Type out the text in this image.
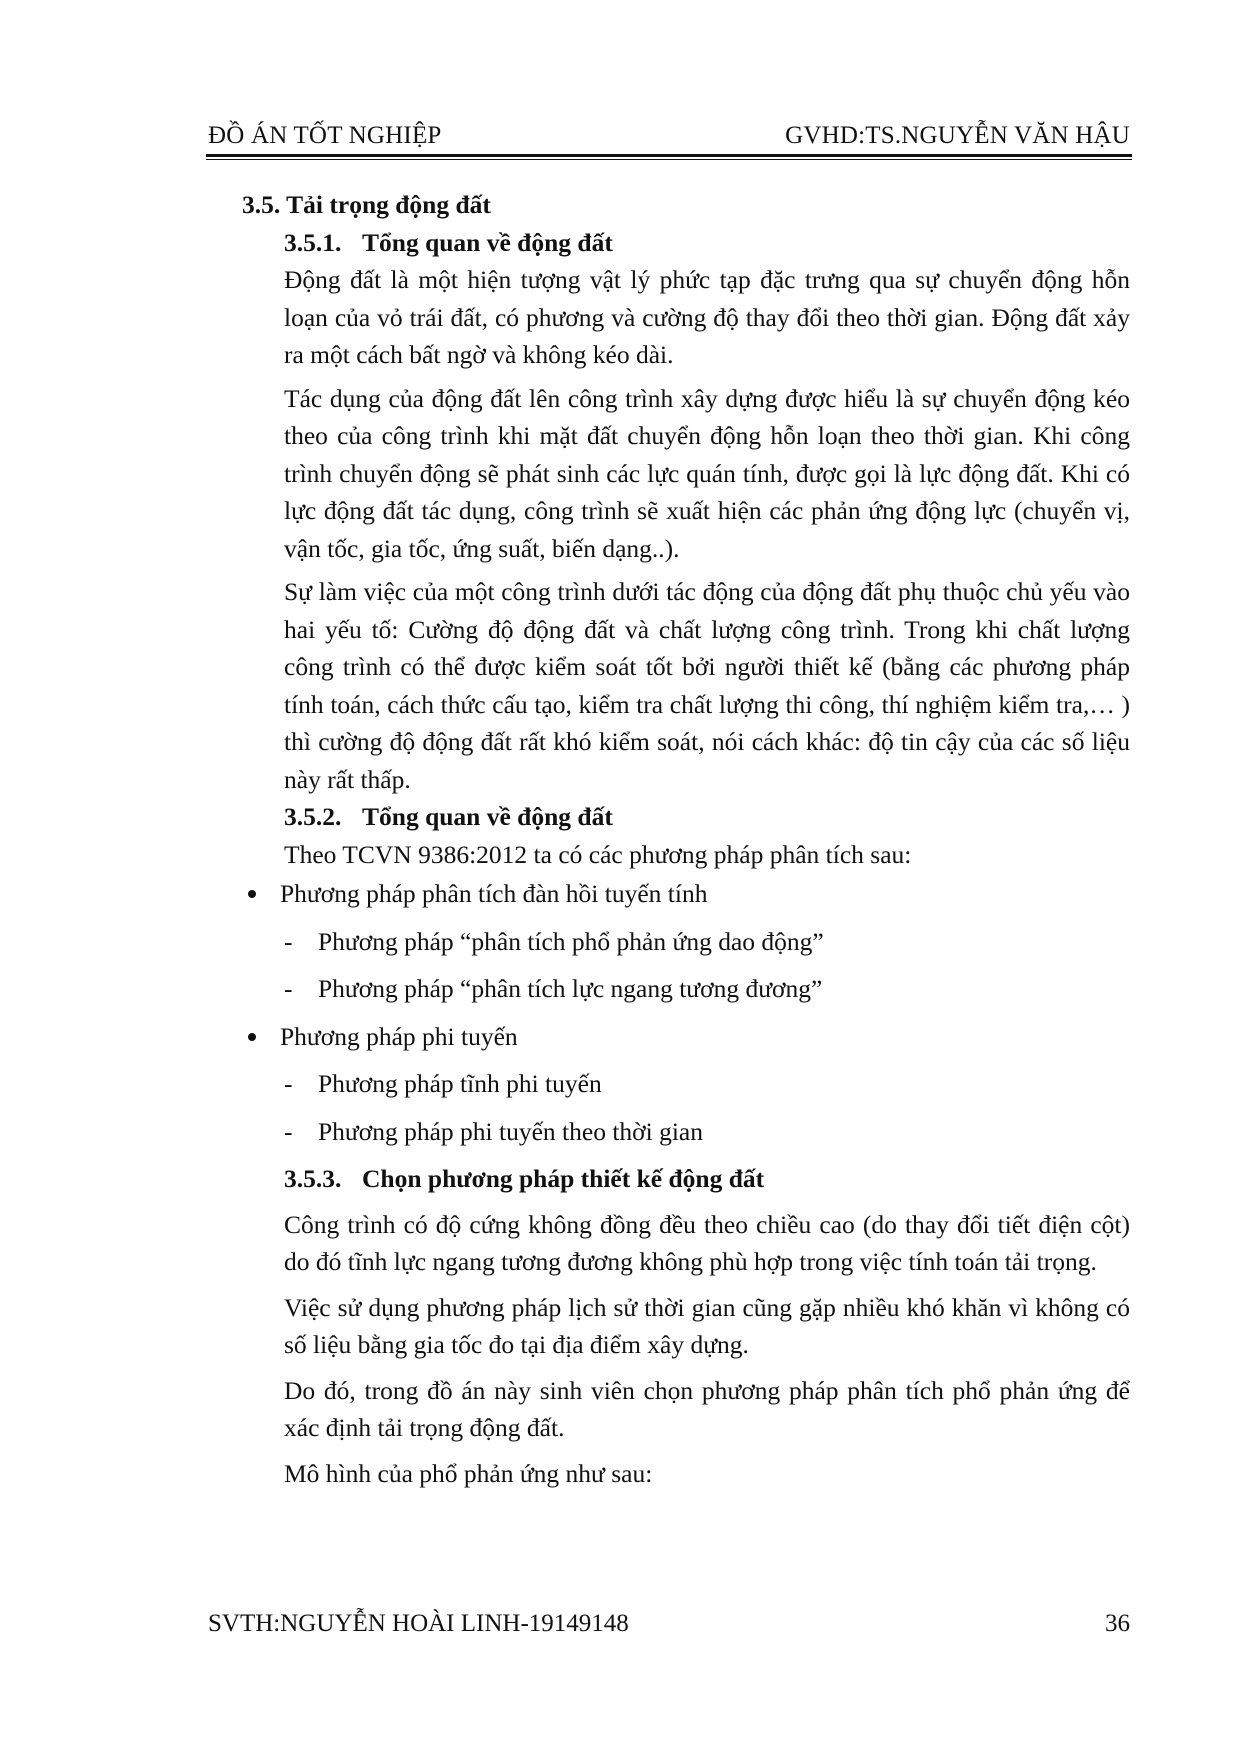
ĐỒ ÁN TỐT NGHIỆP	GVHD:TS.NGUYỄN VĂN HẬU

3.5. Tải trọng động đất

3.5.1. Tổng quan về động đất

Động đất là một hiện tượng vật lý phức tạp đặc trưng qua sự chuyển động hỗn loạn của vỏ trái đất, có phương và cường độ thay đổi theo thời gian. Động đất xảy ra một cách bất ngờ và không kéo dài.

Tác dụng của động đất lên công trình xây dựng được hiểu là sự chuyển động kéo theo của công trình khi mặt đất chuyển động hỗn loạn theo thời gian. Khi công trình chuyển động sẽ phát sinh các lực quán tính, được gọi là lực động đất. Khi có lực động đất tác dụng, công trình sẽ xuất hiện các phản ứng động lực (chuyển vị, vận tốc, gia tốc, ứng suất, biến dạng..).

Sự làm việc của một công trình dưới tác động của động đất phụ thuộc chủ yếu vào hai yếu tố: Cường độ động đất và chất lượng công trình. Trong khi chất lượng công trình có thể được kiểm soát tốt bởi người thiết kế (bằng các phương pháp tính toán, cách thức cấu tạo, kiểm tra chất lượng thi công, thí nghiệm kiểm tra,… ) thì cường độ động đất rất khó kiểm soát, nói cách khác: độ tin cậy của các số liệu này rất thấp.

3.5.2. Tổng quan về động đất

Theo TCVN 9386:2012 ta có các phương pháp phân tích sau:

Phương pháp phân tích đàn hồi tuyến tính

- Phương pháp “phân tích phổ phản ứng dao động”

- Phương pháp “phân tích lực ngang tương đương”

Phương pháp phi tuyến

- Phương pháp tĩnh phi tuyến

- Phương pháp phi tuyến theo thời gian

3.5.3. Chọn phương pháp thiết kế động đất

Công trình có độ cứng không đồng đều theo chiều cao (do thay đổi tiết điện cột) do đó tĩnh lực ngang tương đương không phù hợp trong việc tính toán tải trọng.

Việc sử dụng phương pháp lịch sử thời gian cũng gặp nhiều khó khăn vì không có số liệu bằng gia tốc đo tại địa điểm xây dựng.

Do đó, trong đồ án này sinh viên chọn phương pháp phân tích phổ phản ứng để xác định tải trọng động đất.

Mô hình của phổ phản ứng như sau:

SVTH:NGUYỄN HOÀI LINH-19149148	36
